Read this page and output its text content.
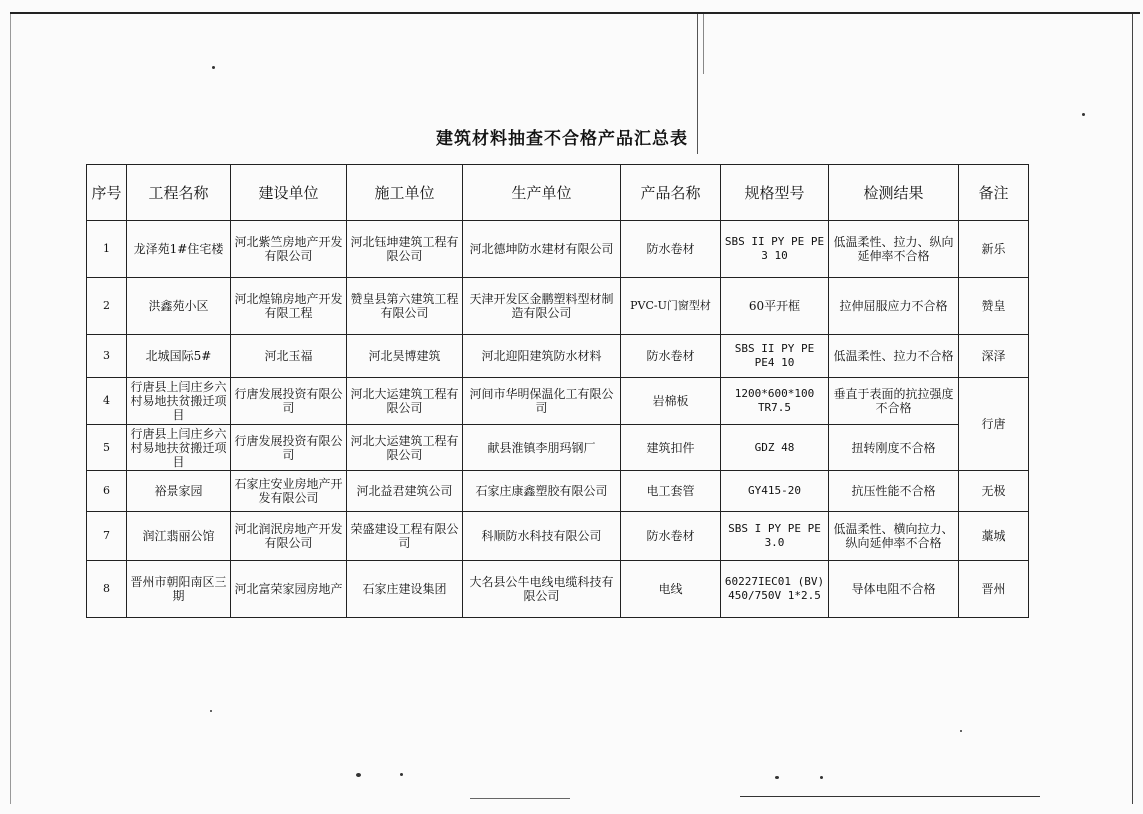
建筑材料抽查不合格产品汇总表
序号	工程名称	建设单位	施工单位	生产单位	产品名称	规格型号	检测结果	备注
1	龙泽苑1#住宅楼	河北紫竺房地产开发有限公司	河北钰坤建筑工程有限公司	河北德坤防水建材有限公司	防水卷材	SBS II PY PE PE 3 10	低温柔性、拉力、纵向延伸率不合格	新乐
2	洪鑫苑小区	河北煌锦房地产开发有限工程	赞皇县第六建筑工程有限公司	天津开发区金鹏塑料型材制造有限公司	PVC-U门窗型材	60平开框	拉伸屈服应力不合格	赞皇
3	北城国际5#	河北玉福	河北昊博建筑	河北迎阳建筑防水材料	防水卷材	SBS II PY PE PE4 10	低温柔性、拉力不合格	深泽
4	行唐县上闫庄乡六村易地扶贫搬迁项目	行唐发展投资有限公司	河北大运建筑工程有限公司	河间市华明保温化工有限公司	岩棉板	1200*600*100 TR7.5	垂直于表面的抗拉强度不合格	行唐
5	行唐县上闫庄乡六村易地扶贫搬迁项目	行唐发展投资有限公司	河北大运建筑工程有限公司	献县淮镇李朋玛钢厂	建筑扣件	GDZ 48	扭转刚度不合格	
6	裕景家园	石家庄安业房地产开发有限公司	河北益君建筑公司	石家庄康鑫塑胶有限公司	电工套管	GY415-20	抗压性能不合格	无极
7	润江翡丽公馆	河北润泯房地产开发有限公司	荣盛建设工程有限公司	科顺防水科技有限公司	防水卷材	SBS I PY PE PE 3.0	低温柔性、横向拉力、纵向延伸率不合格	藁城
8	晋州市朝阳南区三期	河北富荣家园房地产	石家庄建设集团	大名县公牛电线电缆科技有限公司	电线	60227IEC01 (BV) 450/750V 1*2.5	导体电阻不合格	晋州
